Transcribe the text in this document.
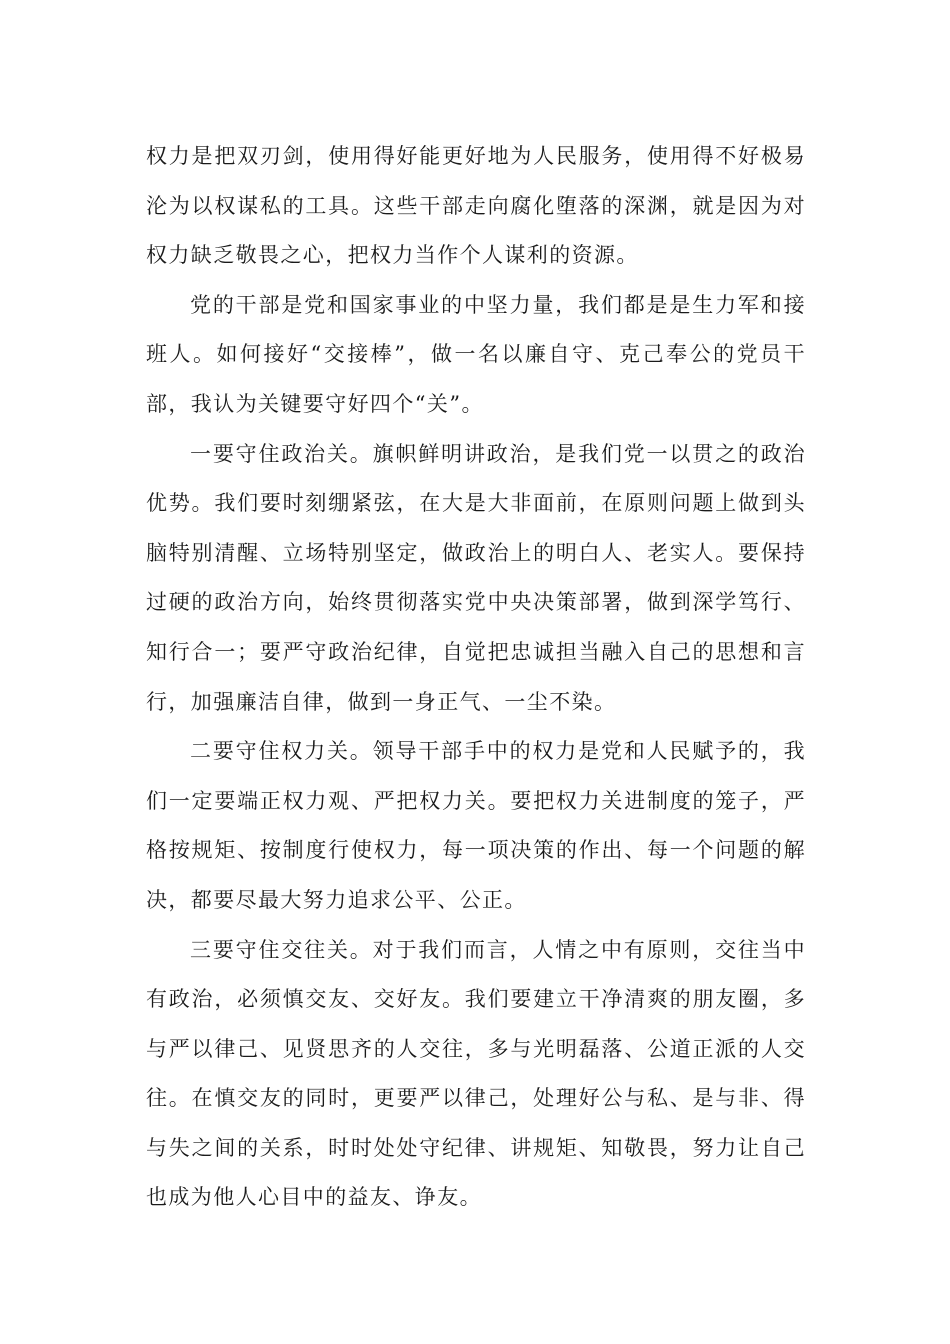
权力是把双刃剑，使用得好能更好地为人民服务，使用得不好极易沦为以权谋私的工具。这些干部走向腐化堕落的深渊，就是因为对权力缺乏敬畏之心，把权力当作个人谋利的资源。

党的干部是党和国家事业的中坚力量，我们都是是生力军和接班人。如何接好“交接棒”，做一名以廉自守、克己奉公的党员干部，我认为关键要守好四个“关”。

一要守住政治关。旗帜鲜明讲政治，是我们党一以贯之的政治优势。我们要时刻绷紧弦，在大是大非面前，在原则问题上做到头脑特别清醒、立场特别坚定，做政治上的明白人、老实人。要保持过硬的政治方向，始终贯彻落实党中央决策部署，做到深学笃行、知行合一；要严守政治纪律，自觉把忠诚担当融入自己的思想和言行，加强廉洁自律，做到一身正气、一尘不染。

二要守住权力关。领导干部手中的权力是党和人民赋予的，我们一定要端正权力观、严把权力关。要把权力关进制度的笼子，严格按规矩、按制度行使权力，每一项决策的作出、每一个问题的解决，都要尽最大努力追求公平、公正。

三要守住交往关。对于我们而言，人情之中有原则，交往当中有政治，必须慎交友、交好友。我们要建立干净清爽的朋友圈，多与严以律己、见贤思齐的人交往，多与光明磊落、公道正派的人交往。在慎交友的同时，更要严以律己，处理好公与私、是与非、得与失之间的关系，时时处处守纪律、讲规矩、知敬畏，努力让自己也成为他人心目中的益友、诤友。
